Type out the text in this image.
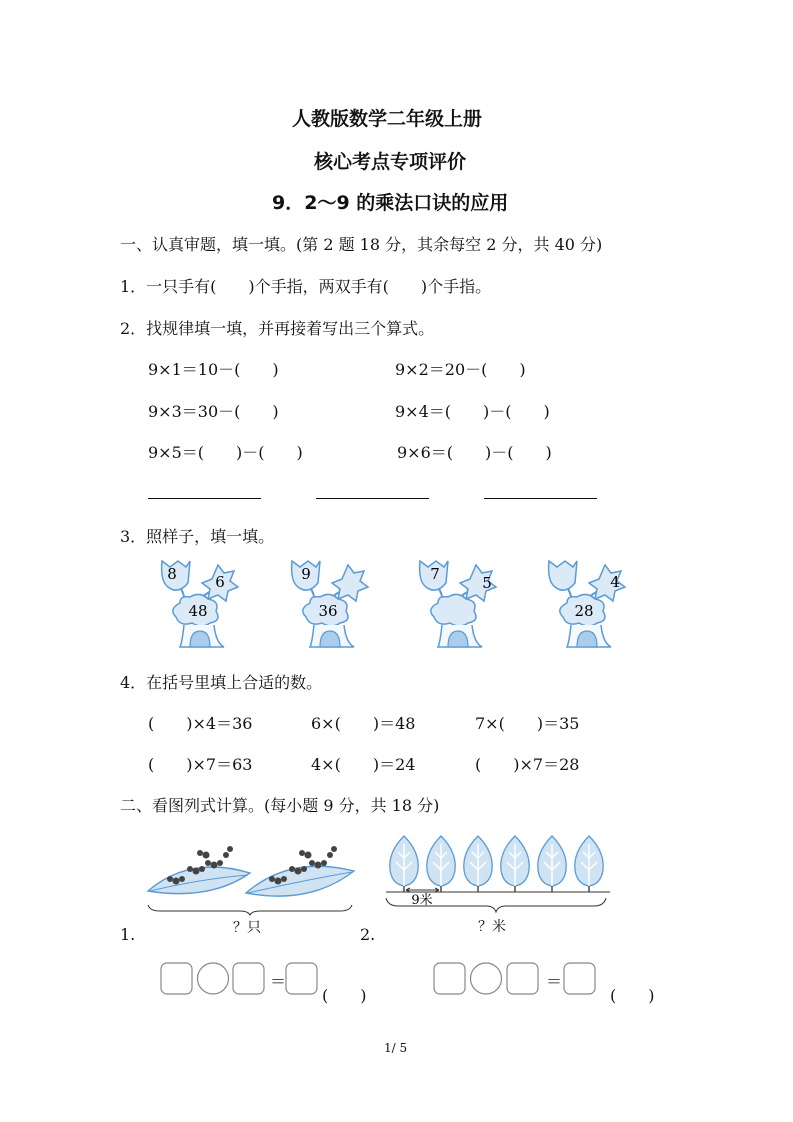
人教版数学二年级上册
核心考点专项评价
9．2～9 的乘法口诀的应用
一、认真审题，填一填。(第 2 题 18 分，其余每空 2 分，共 40 分)
1．一只手有(　　)个手指，两双手有(　　)个手指。
2．找规律填一填，并再接着写出三个算式。
9×1＝10－(　　)	9×2＝20－(　　)
9×3＝30－(　　)	9×4＝(　　)－(　　)
9×5＝(　　)－(　　)	9×6＝(　　)－(　　)
3．照样子，填一填。
8	6
48
9
36
7	5	4
28
4．在括号里填上合适的数。
(　　)×4＝36	6×(　　)＝48	7×(　　)＝35
(　　)×7＝63	4×(　　)＝24	(　　)×7＝28
二、看图列式计算。(每小题 9 分，共 18 分)
？只
1.
9米
？米
2.
＝
(　　)
＝
(　　)
1/ 5
